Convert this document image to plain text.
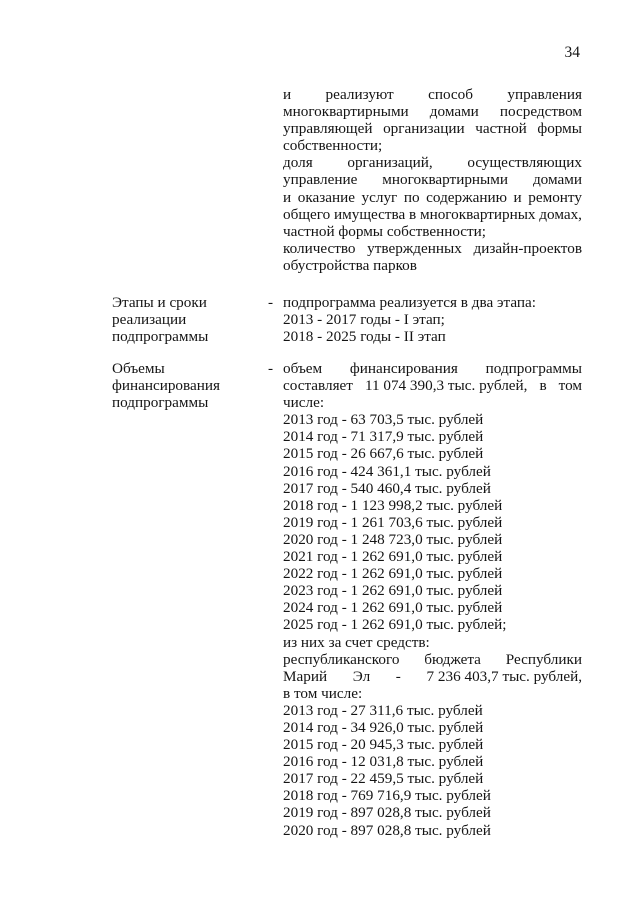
34
и реализуют способ управления
многоквартирными домами посредством
управляющей организации частной формы
собственности;
доля организаций, осуществляющих
управление многоквартирными домами
и оказание услуг по содержанию и ремонту
общего имущества в многоквартирных домах,
частной формы собственности;
количество утвержденных дизайн-проектов
обустройства парков
Этапы и сроки
реализации
подпрограммы
- подпрограмма реализуется в два этапа:
2013 - 2017 годы - I этап;
2018 - 2025 годы - II этап
Объемы
финансирования
подпрограммы
- объем финансирования подпрограммы
составляет 11 074 390,3 тыс. рублей, в том
числе:
2013 год - 63 703,5 тыс. рублей
2014 год - 71 317,9 тыс. рублей
2015 год - 26 667,6 тыс. рублей
2016 год - 424 361,1 тыс. рублей
2017 год - 540 460,4 тыс. рублей
2018 год - 1 123 998,2 тыс. рублей
2019 год - 1 261 703,6 тыс. рублей
2020 год - 1 248 723,0 тыс. рублей
2021 год - 1 262 691,0 тыс. рублей
2022 год - 1 262 691,0 тыс. рублей
2023 год - 1 262 691,0 тыс. рублей
2024 год - 1 262 691,0 тыс. рублей
2025 год - 1 262 691,0 тыс. рублей;
из них за счет средств:
республиканского бюджета Республики
Марий Эл - 7 236 403,7 тыс. рублей,
в том числе:
2013 год - 27 311,6 тыс. рублей
2014 год - 34 926,0 тыс. рублей
2015 год - 20 945,3 тыс. рублей
2016 год - 12 031,8 тыс. рублей
2017 год - 22 459,5 тыс. рублей
2018 год - 769 716,9 тыс. рублей
2019 год - 897 028,8 тыс. рублей
2020 год - 897 028,8 тыс. рублей
